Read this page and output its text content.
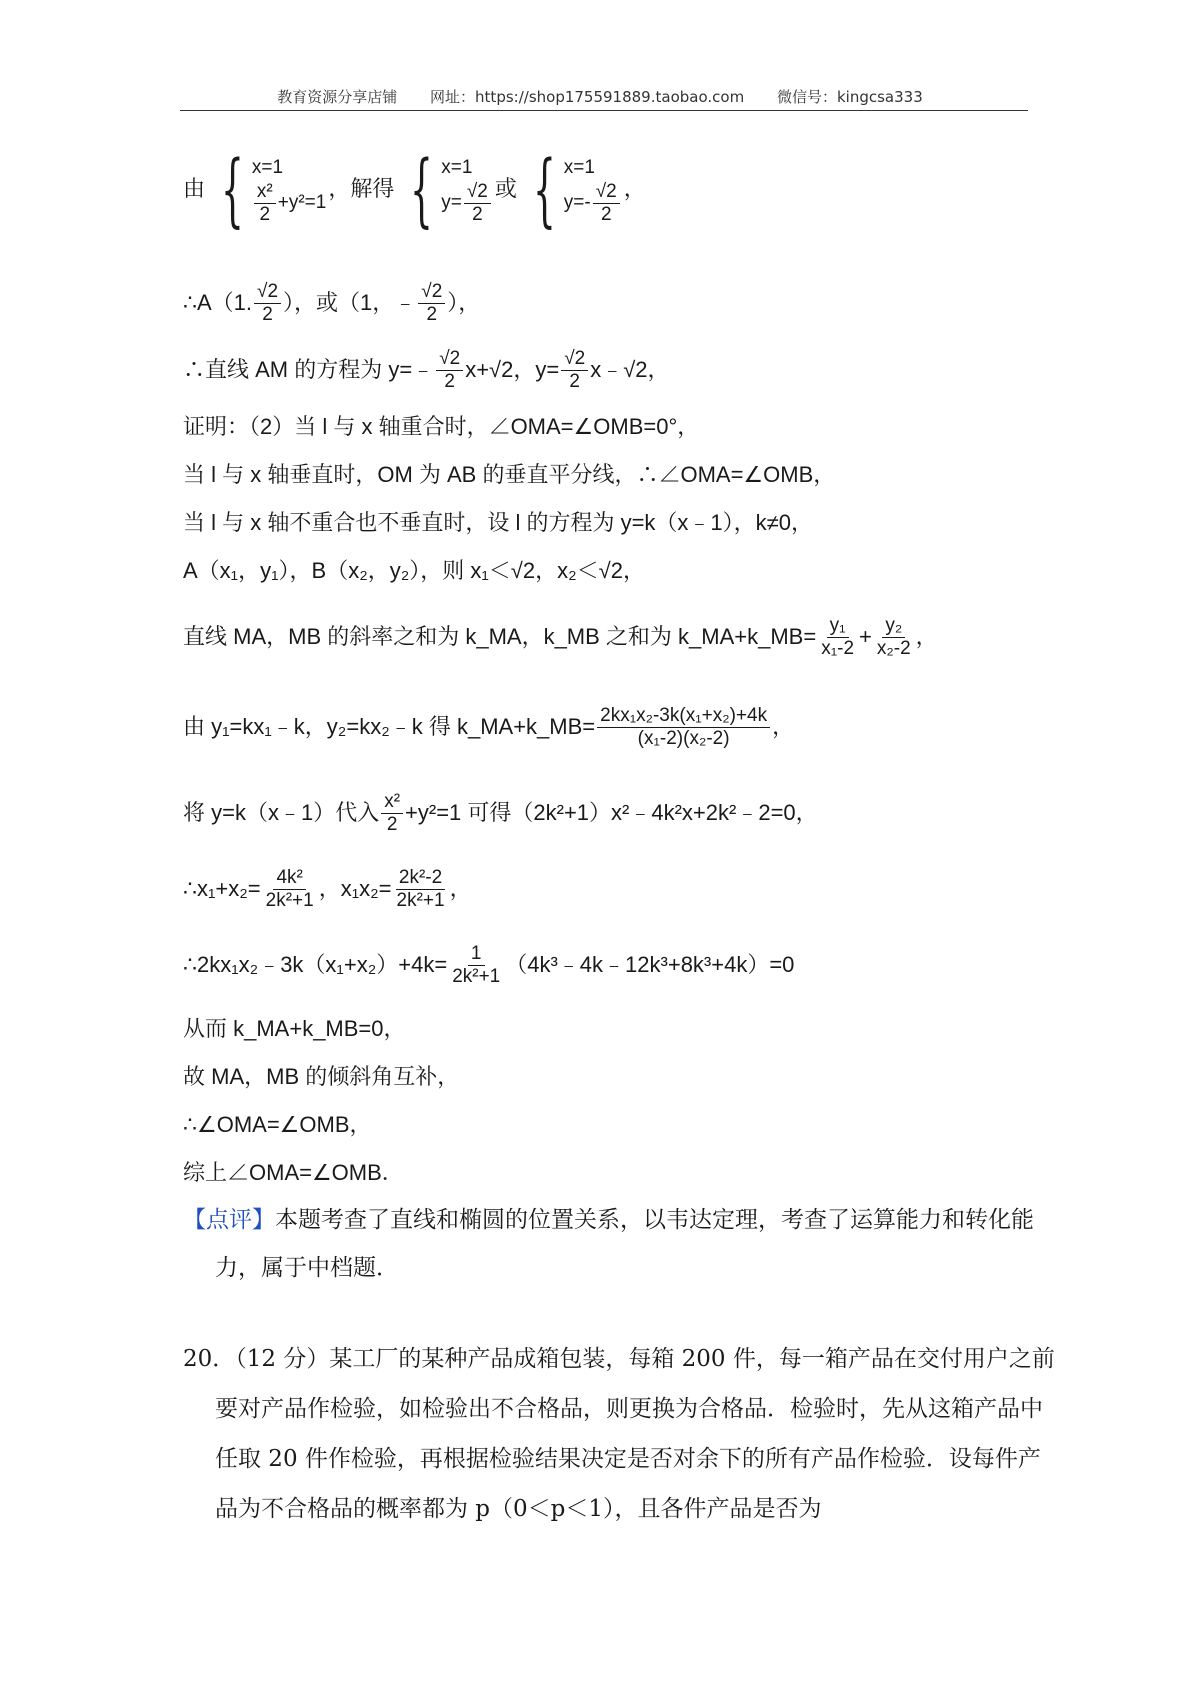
教育资源分享店铺 网址：https://shop175591889.taobao.com 微信号：kingcsa333
由 { x=1
$\frac{\text{x²}}{2} +y^2=1$
，解得 { x=1
$y= \frac{√2}{2}$ 或 { x=1
$y=- \frac{√2}{2}$ ，
∴A（1. $\frac{√2}{2}$ ），或（1，﹣ $\frac{√2}{2}$ ），
∴直线 AM 的方程为 y=﹣ $\frac{√2}{2} x+√2$，$y= \frac{√2}{2}$ x﹣√2，
证明：（2）当 l 与 x 轴重合时，∠OMA=∠OMB=0°，
当 l 与 x 轴垂直时，OM 为 AB 的垂直平分线，∴∠OMA=∠OMB，
当 l 与 x 轴不重合也不垂直时，设 l 的方程为 y=k（x﹣1），k≠0，
A（x₁，y₁），B（x₂，y₂），则 x₁＜√2，x₂＜√2，
直线 MA，MB 的斜率之和为 k_MA，k_MB 之和为 k_MA+k_MB= $\frac{\text{y₁}}{\text{x₁-2}} + \frac{\text{y₂}}{\text{x₂-2}}$ ，
由 y₁=kx₁﹣k，y₂=kx₂﹣k 得 k_MA+k_MB= $\frac{\text{2kx₁x₂-3k(x₁+x₂)+4k}}{\text{(x₁-2)(x₂-2)}}$ ，
将 y=k（x﹣1）代入 $\frac{\text{x²}}{2} +y^2=1$ 可得（2k²+1）x²﹣4k²x+2k²﹣2=0，
∴x₁+x₂= $\frac{\text{4k²}}{\text{2k²+1}}$ ，$x_1x_2= \frac{\text{2k²-2}}{\text{2k²+1}}$ ，
∴2kx₁x₂﹣3k（x₁+x₂）+4k= $\frac{1}{\text{2k²+1}}$ （4k³﹣4k﹣12k³+8k³+4k）=0
从而 k_MA+k_MB=0，
故 MA，MB 的倾斜角互补，
∴∠OMA=∠OMB，
综上∠OMA=∠OMB．
【点评】本题考查了直线和椭圆的位置关系，以韦达定理，考查了运算能力和转化能力，属于中档题．
20．（12 分）某工厂的某种产品成箱包装，每箱 200 件，每一箱产品在交付用户之前要对产品作检验，如检验出不合格品，则更换为合格品．检验时，先从这箱产品中任取 20 件作检验，再根据检验结果决定是否对余下的所有产品作检验．设每件产品为不合格品的概率都为 p（0＜p＜1），且各件产品是否为
